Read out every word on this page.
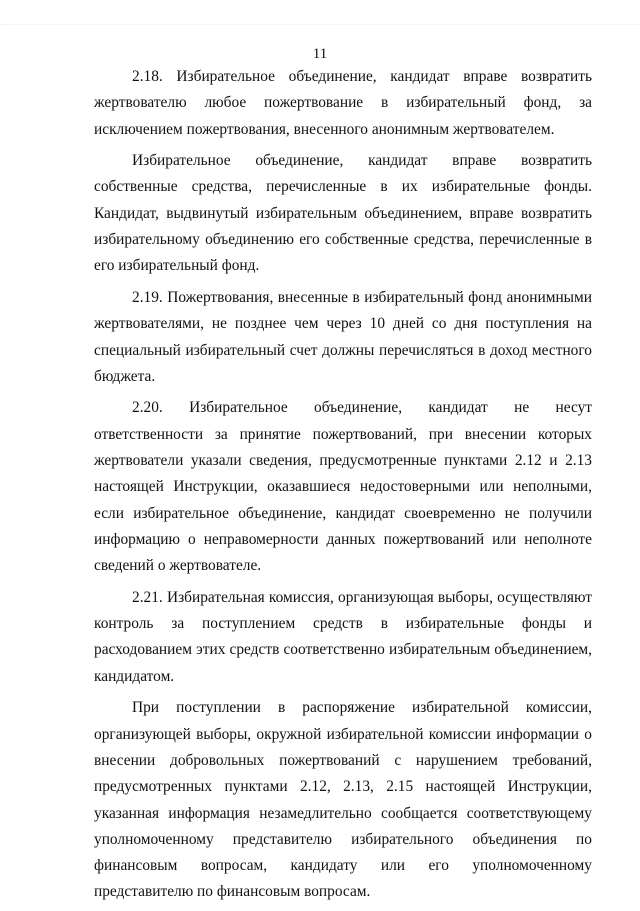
11

2.18. Избирательное объединение, кандидат вправе возвратить жертвователю любое пожертвование в избирательный фонд, за исключением пожертвования, внесенного анонимным жертвователем.

Избирательное объединение, кандидат вправе возвратить собственные средства, перечисленные в их избирательные фонды. Кандидат, выдвинутый избирательным объединением, вправе возвратить избирательному объединению его собственные средства, перечисленные в его избирательный фонд.

2.19. Пожертвования, внесенные в избирательный фонд анонимными жертвователями, не позднее чем через 10 дней со дня поступления на специальный избирательный счет должны перечисляться в доход местного бюджета.

2.20. Избирательное объединение, кандидат не несут ответственности за принятие пожертвований, при внесении которых жертвователи указали сведения, предусмотренные пунктами 2.12 и 2.13 настоящей Инструкции, оказавшиеся недостоверными или неполными, если избирательное объединение, кандидат своевременно не получили информацию о неправомерности данных пожертвований или неполноте сведений о жертвователе.

2.21. Избирательная комиссия, организующая выборы, осуществляют контроль за поступлением средств в избирательные фонды и расходованием этих средств соответственно избирательным объединением, кандидатом.

При поступлении в распоряжение избирательной комиссии, организующей выборы, окружной избирательной комиссии информации о внесении добровольных пожертвований с нарушением требований, предусмотренных пунктами 2.12, 2.13, 2.15 настоящей Инструкции, указанная информация незамедлительно сообщается соответствующему уполномоченному представителю избирательного объединения по финансовым вопросам, кандидату или его уполномоченному представителю по финансовым вопросам.
